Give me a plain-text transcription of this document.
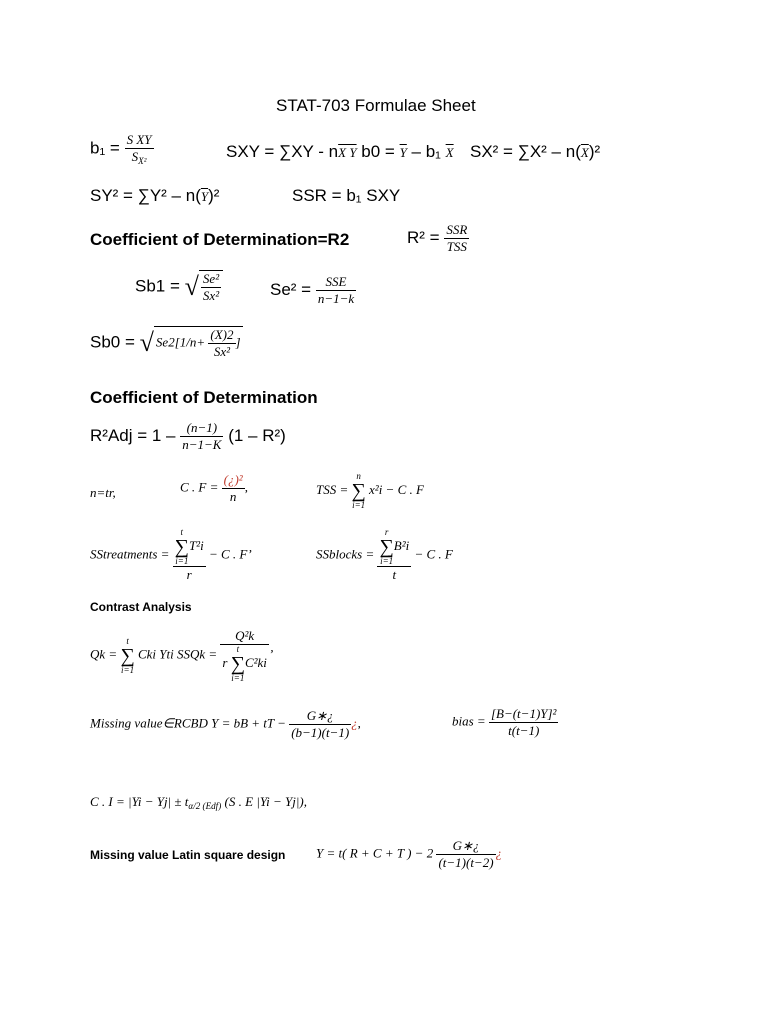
STAT-703 Formulae Sheet
$b_1 = \frac{\text{S XY}}{S_{X^2}}$	SXY = ∑XY - nX Y $b0 = \overline{Y} - b_1$ $\overline{X}$ $SX^2 = \sum X^2 - n(\overline{X})^2$
$SY^2 = \sum Y^2 - n(\overline{Y})^2$	SSR = b₁ SXY
Coefficient of Determination=R2	$R^2 = \frac{\text{SSR}}{\text{TSS}}$
Sb1 = √ $\frac{\text{Se²}}{\text{Sx²}}$	$Se^2 = \frac{\text{SSE}}{n-1-k}$
Sb0 = √ $Se2[1/n+ \frac{(X)2}{\text{Sx²}}$ ]
Coefficient of Determination
$R^2Adj = 1 - \frac{(n-1)}{n-1-K} (1 - R^2)$
n=tr,	C . $F = \frac{\text{(¿)²}}{n}$ ,	TSS =
n
∑
i=1
x²i − C . F
SStreatments = t
∑
i=1
T²i
r − C . F’	SSblocks = r
∑
i=1
B²i
t − C . F
Contrast Analysis
Qk =
t
∑
i=1
Cki Yti SSQk = Q²k
r
t
∑
i=1
C²ki ’
Missing value∈RCBD Y = bB + tT − $\frac{G∗¿}{(b-1)(t-1)}$ ¿,	bias = $\frac{\text{[B−(t−1)Y]²}}{t(t-1)}$
C . $I = |Yi - Yj| \pm t_{\alpha/2 (Edf)}$ (S . E |Yi − Yj|),
Missing value Latin square design Y = t( R + C + T ) − $2 \frac{G∗¿}{(t-1)(t-2)}$ ¿
